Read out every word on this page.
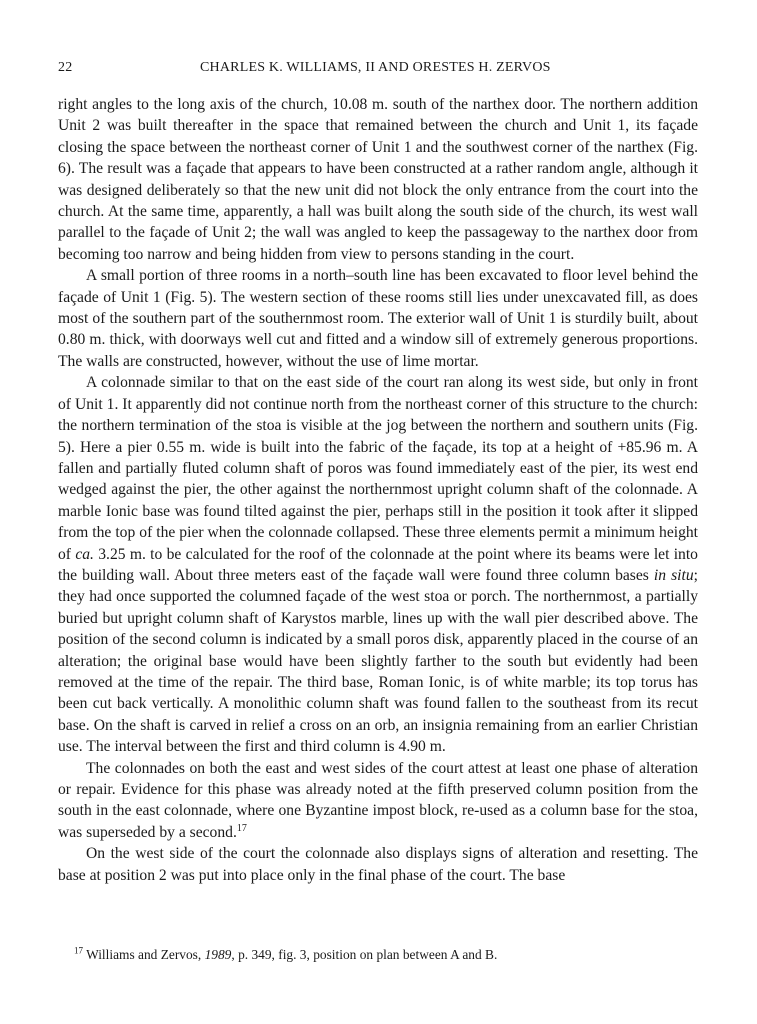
22	CHARLES K. WILLIAMS, II AND ORESTES H. ZERVOS

right angles to the long axis of the church, 10.08 m. south of the narthex door. The northern addition Unit 2 was built thereafter in the space that remained between the church and Unit 1, its façade closing the space between the northeast corner of Unit 1 and the southwest corner of the narthex (Fig. 6). The result was a façade that appears to have been constructed at a rather random angle, although it was designed deliberately so that the new unit did not block the only entrance from the court into the church. At the same time, apparently, a hall was built along the south side of the church, its west wall parallel to the façade of Unit 2; the wall was angled to keep the passageway to the narthex door from becoming too narrow and being hidden from view to persons standing in the court.

A small portion of three rooms in a north–south line has been excavated to floor level behind the façade of Unit 1 (Fig. 5). The western section of these rooms still lies under unexcavated fill, as does most of the southern part of the southernmost room. The exterior wall of Unit 1 is sturdily built, about 0.80 m. thick, with doorways well cut and fitted and a window sill of extremely generous proportions. The walls are constructed, however, without the use of lime mortar.

A colonnade similar to that on the east side of the court ran along its west side, but only in front of Unit 1. It apparently did not continue north from the northeast corner of this structure to the church: the northern termination of the stoa is visible at the jog between the northern and southern units (Fig. 5). Here a pier 0.55 m. wide is built into the fabric of the façade, its top at a height of +85.96 m. A fallen and partially fluted column shaft of poros was found immediately east of the pier, its west end wedged against the pier, the other against the northernmost upright column shaft of the colonnade. A marble Ionic base was found tilted against the pier, perhaps still in the position it took after it slipped from the top of the pier when the colonnade collapsed. These three elements permit a minimum height of ca. 3.25 m. to be calculated for the roof of the colonnade at the point where its beams were let into the building wall. About three meters east of the façade wall were found three column bases in situ; they had once supported the columned façade of the west stoa or porch. The northernmost, a partially buried but upright column shaft of Karystos marble, lines up with the wall pier described above. The position of the second column is indicated by a small poros disk, apparently placed in the course of an alteration; the original base would have been slightly farther to the south but evidently had been removed at the time of the repair. The third base, Roman Ionic, is of white marble; its top torus has been cut back vertically. A monolithic column shaft was found fallen to the southeast from its recut base. On the shaft is carved in relief a cross on an orb, an insignia remaining from an earlier Christian use. The interval between the first and third column is 4.90 m.

The colonnades on both the east and west sides of the court attest at least one phase of alteration or repair. Evidence for this phase was already noted at the fifth preserved column position from the south in the east colonnade, where one Byzantine impost block, re-used as a column base for the stoa, was superseded by a second.$^{17}$

On the west side of the court the colonnade also displays signs of alteration and resetting. The base at position 2 was put into place only in the final phase of the court. The base

$^{17}$ Williams and Zervos, 1989, p. 349, fig. 3, position on plan between A and B.
